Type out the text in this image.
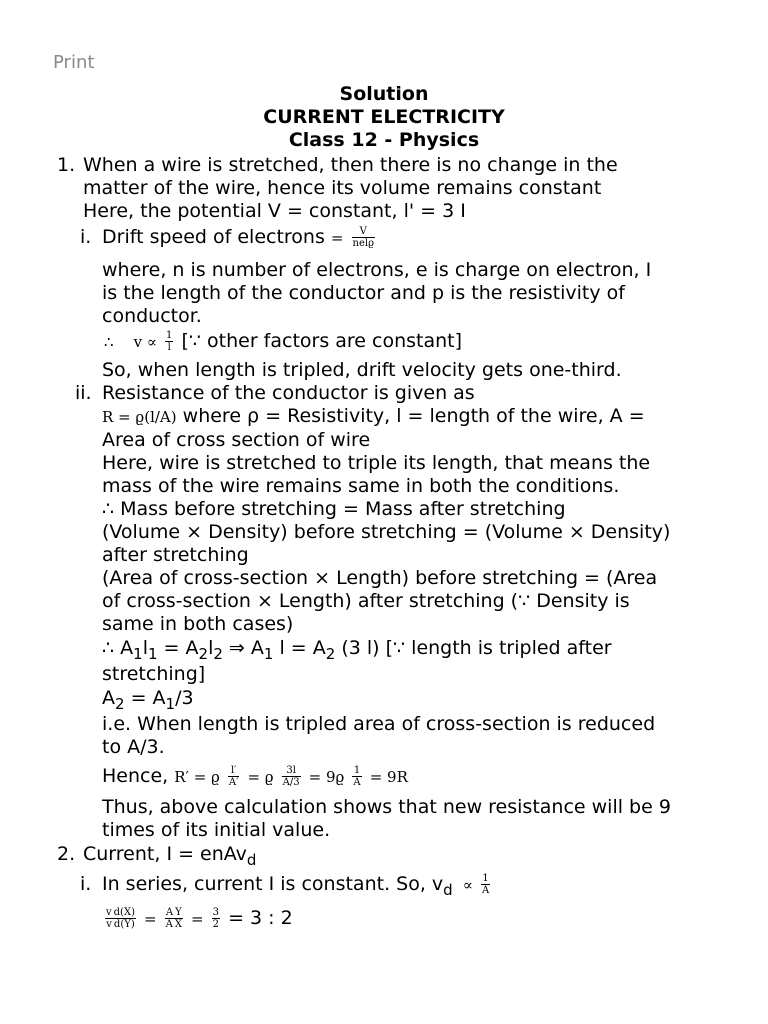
Print
Solution
CURRENT ELECTRICITY
Class 12 - Physics
1. When a wire is stretched, then there is no change in the
matter of the wire, hence its volume remains constant
Here, the potential V = constant, l' = 3 I
i. Drift speed of electrons = $\frac{V}{\text{nelϱ}}$
where, n is number of electrons, e is charge on electron, I
is the length of the conductor and p is the resistivity of
conductor.
∴ $v \propto \frac{1}{l}$ [∵ other factors are constant]
So, when length is tripled, drift velocity gets one-third.
ii. Resistance of the conductor is given as
R = ϱ(l/A) where ρ = Resistivity, l = length of the wire, A =
Area of cross section of wire
Here, wire is stretched to triple its length, that means the
mass of the wire remains same in both the conditions.
∴ Mass before stretching = Mass after stretching
(Volume × Density) before stretching = (Volume × Density)
after stretching
(Area of cross-section × Length) before stretching = (Area
of cross-section × Length) after stretching (∵ Density is
same in both cases)
∴ $A_1l_1 = A_2l_2$ ⇒ $A_1$ $l = A_2$ (3 l) [∵ length is tripled after
stretching]
$A_2 = A_1/3$
i.e. When length is tripled area of cross-section is reduced
to A/3.
Hence, R′ = ϱ $\frac{l'}{A'} = ϱ \frac{3l}{A/3} = 9ϱ \frac{1}{A} = 9R$
Thus, above calculation shows that new resistance will be 9
times of its initial value.
2. Current, I = enAv$_d$
i. In series, current I is constant. So, $v_d \propto \frac{1}{A}$
$\frac{\text{v d(X)}}{\text{v d(Y)}} = \frac{\text{A Y}}{\text{A X}} = \frac{3}{2} = 3$ : 2
